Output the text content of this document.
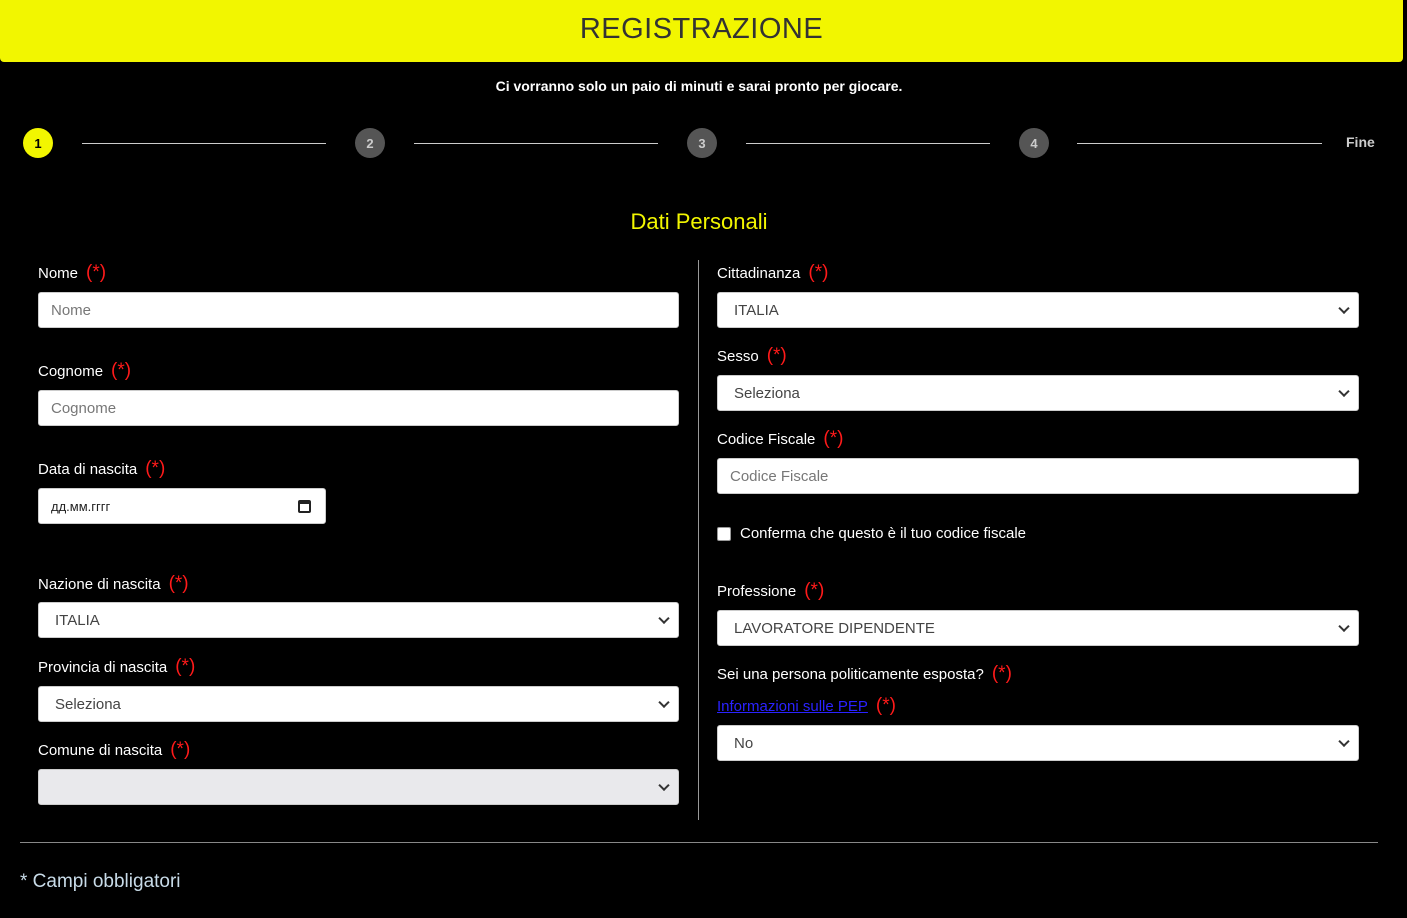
REGISTRAZIONE
Ci vorranno solo un paio di minuti e sarai pronto per giocare.
1	2	3	4	Fine
Dati Personali
Nome (*)
Nome
Cognome (*)
Cognome
Data di nascita (*)
дд.мм.гггг
Nazione di nascita (*)
ITALIA
Provincia di nascita (*)
Seleziona
Comune di nascita (*)
Cittadinanza (*)
ITALIA
Sesso (*)
Seleziona
Codice Fiscale (*)
Codice Fiscale
Conferma che questo è il tuo codice fiscale
Professione (*)
LAVORATORE DIPENDENTE
Sei una persona politicamente esposta? (*)
Informazioni sulle PEP (*)
No
* Campi obbligatori
